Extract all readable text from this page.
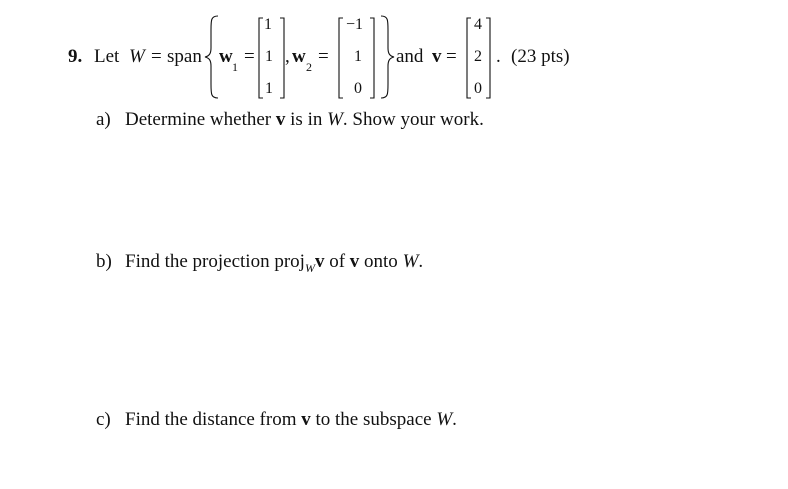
9. Let W = span w 1 =
1
1
1
, w 2 =
−1
1
0
and v =
4
2
0
. (23 pts)
a) Determine whether v is in W. Show your work.
b) Find the projection proj$_W$v of v onto W.
c) Find the distance from v to the subspace W.
